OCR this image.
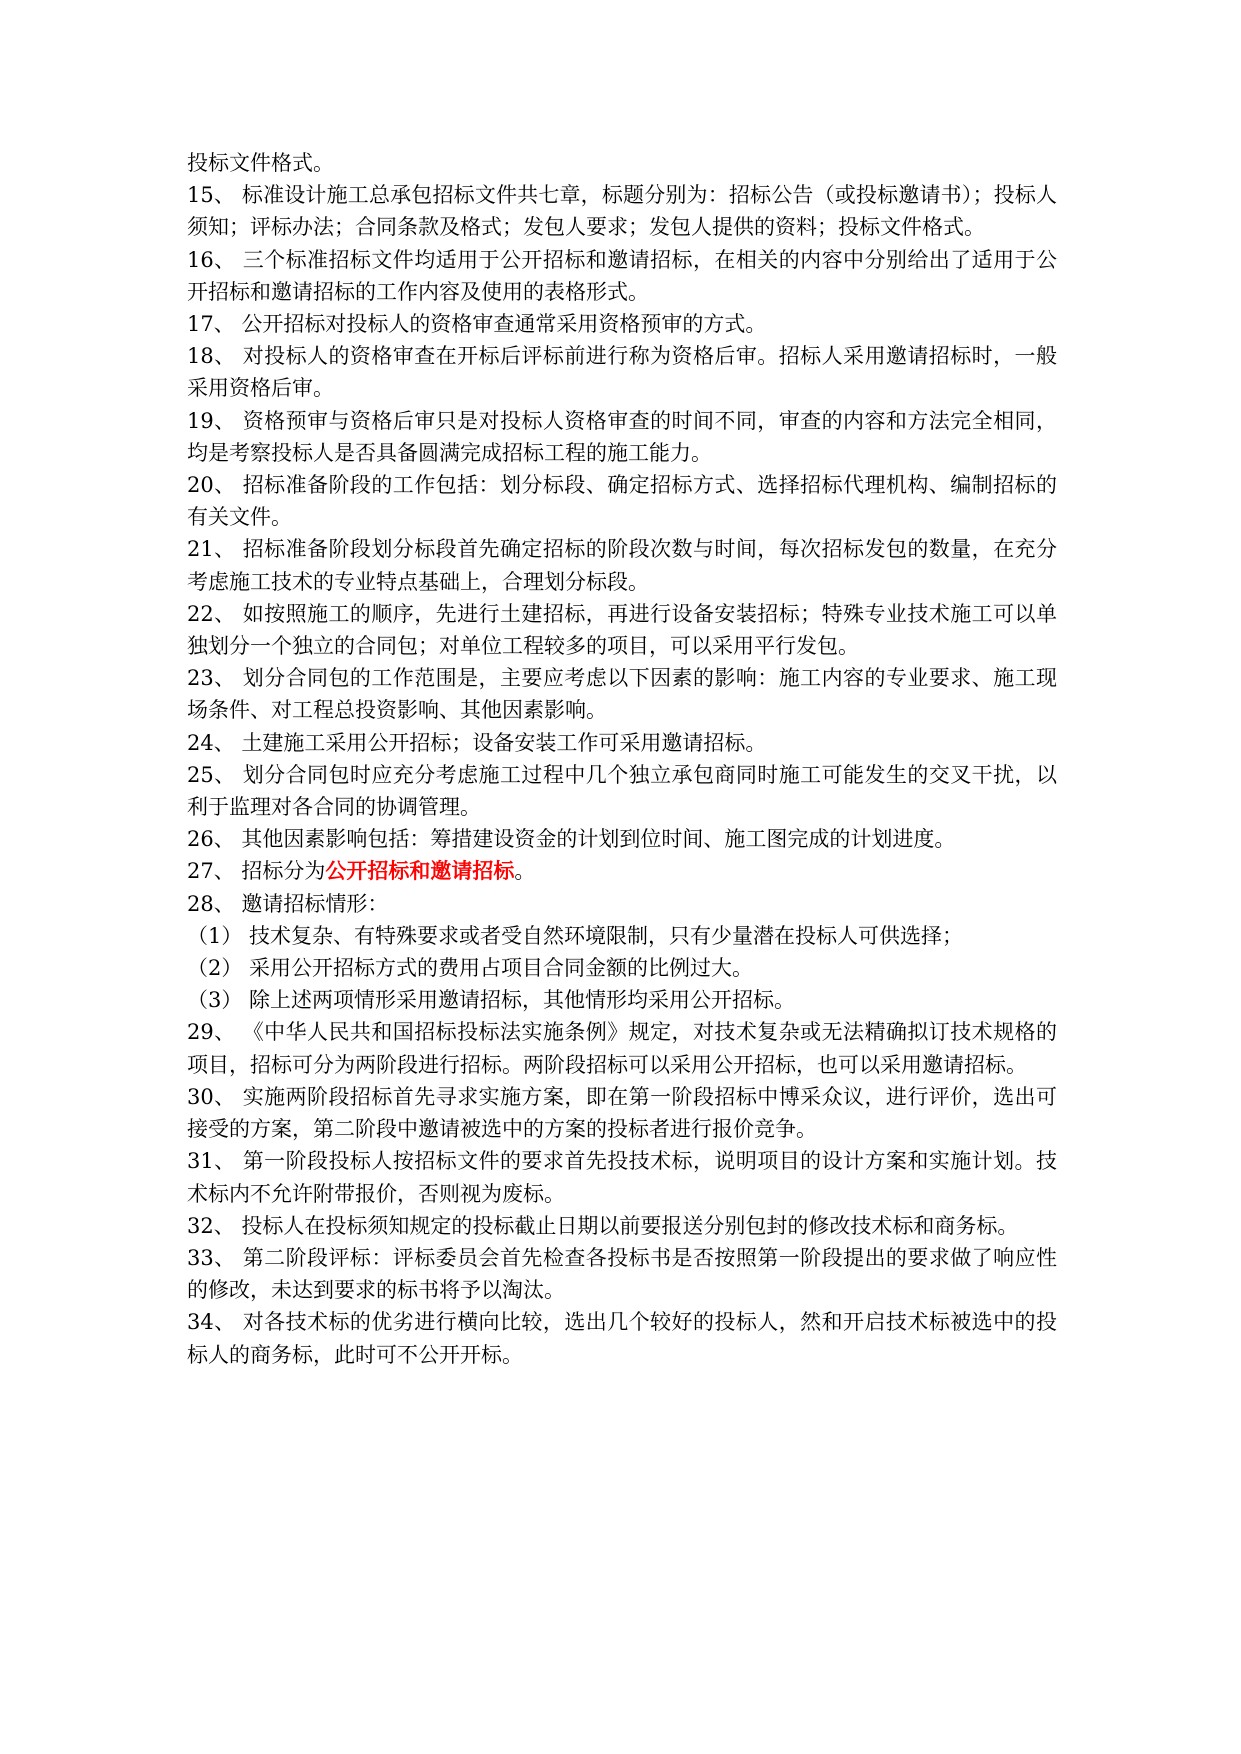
投标文件格式。

15、 标准设计施工总承包招标文件共七章，标题分别为：招标公告（或投标邀请书）；投标人须知；评标办法；合同条款及格式；发包人要求；发包人提供的资料；投标文件格式。

16、 三个标准招标文件均适用于公开招标和邀请招标，在相关的内容中分别给出了适用于公开招标和邀请招标的工作内容及使用的表格形式。

17、 公开招标对投标人的资格审查通常采用资格预审的方式。

18、 对投标人的资格审查在开标后评标前进行称为资格后审。招标人采用邀请招标时，一般采用资格后审。

19、 资格预审与资格后审只是对投标人资格审查的时间不同，审查的内容和方法完全相同，均是考察投标人是否具备圆满完成招标工程的施工能力。

20、 招标准备阶段的工作包括：划分标段、确定招标方式、选择招标代理机构、编制招标的有关文件。

21、 招标准备阶段划分标段首先确定招标的阶段次数与时间，每次招标发包的数量，在充分考虑施工技术的专业特点基础上，合理划分标段。

22、 如按照施工的顺序，先进行土建招标，再进行设备安装招标；特殊专业技术施工可以单独划分一个独立的合同包；对单位工程较多的项目，可以采用平行发包。

23、 划分合同包的工作范围是，主要应考虑以下因素的影响：施工内容的专业要求、施工现场条件、对工程总投资影响、其他因素影响。

24、 土建施工采用公开招标；设备安装工作可采用邀请招标。

25、 划分合同包时应充分考虑施工过程中几个独立承包商同时施工可能发生的交叉干扰，以利于监理对各合同的协调管理。

26、 其他因素影响包括：筹措建设资金的计划到位时间、施工图完成的计划进度。

27、 招标分为公开招标和邀请招标。

28、 邀请招标情形：

（1） 技术复杂、有特殊要求或者受自然环境限制，只有少量潜在投标人可供选择；

（2） 采用公开招标方式的费用占项目合同金额的比例过大。

（3） 除上述两项情形采用邀请招标，其他情形均采用公开招标。

29、 《中华人民共和国招标投标法实施条例》规定，对技术复杂或无法精确拟订技术规格的项目，招标可分为两阶段进行招标。两阶段招标可以采用公开招标，也可以采用邀请招标。

30、 实施两阶段招标首先寻求实施方案，即在第一阶段招标中博采众议，进行评价，选出可接受的方案，第二阶段中邀请被选中的方案的投标者进行报价竞争。

31、 第一阶段投标人按招标文件的要求首先投技术标，说明项目的设计方案和实施计划。技术标内不允许附带报价，否则视为废标。

32、 投标人在投标须知规定的投标截止日期以前要报送分别包封的修改技术标和商务标。

33、 第二阶段评标：评标委员会首先检查各投标书是否按照第一阶段提出的要求做了响应性的修改，未达到要求的标书将予以淘汰。

34、 对各技术标的优劣进行横向比较，选出几个较好的投标人，然和开启技术标被选中的投标人的商务标，此时可不公开开标。
